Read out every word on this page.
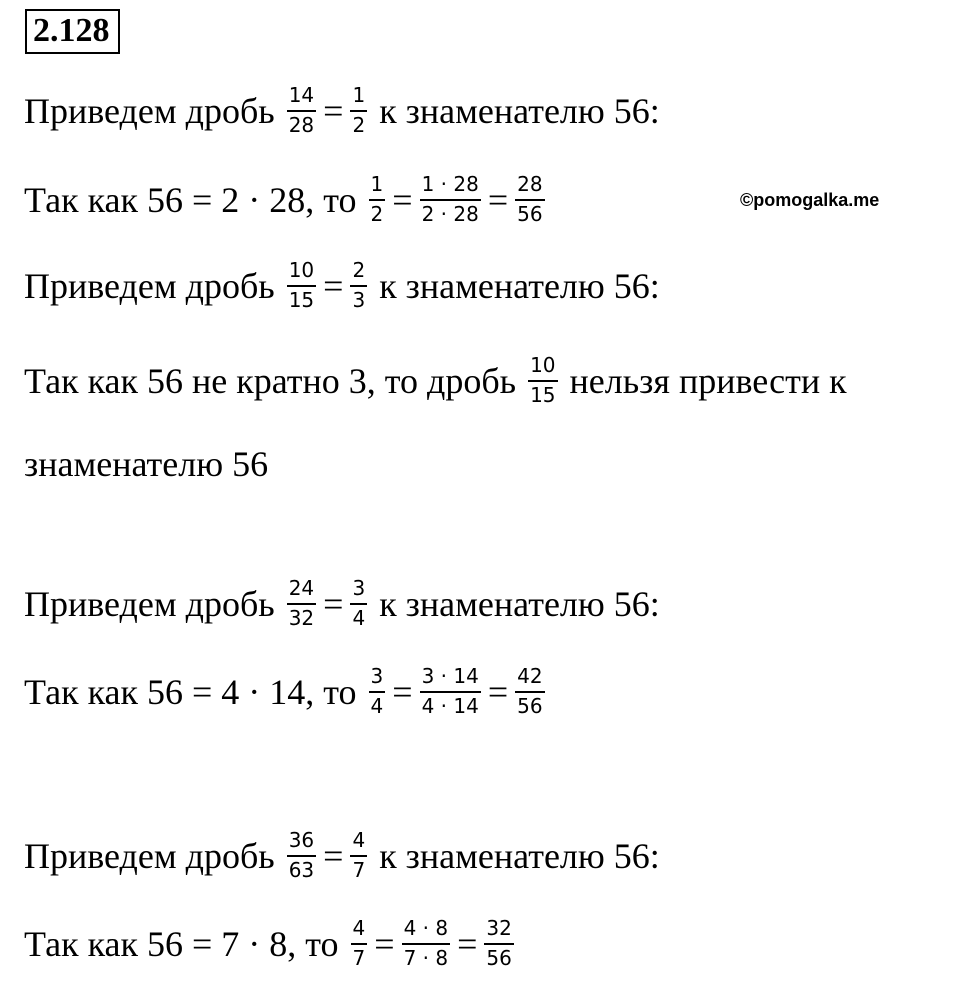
2.128
©pomogalka.me
Приведем дробь $\frac{14}{28} = \frac{1}{2}$ к знаменателю 56:
Так как 56 = 2 · 28, то $\frac{1}{2} = \frac{1 \cdot 28}{2 \cdot 28} = \frac{28}{56}$
Приведем дробь $\frac{10}{15} = \frac{2}{3}$ к знаменателю 56:
Так как 56 не кратно 3, то дробь $\frac{10}{15}$ нельзя привести к
знаменателю 56
Приведем дробь $\frac{24}{32} = \frac{3}{4}$ к знаменателю 56:
Так как 56 = 4 · 14, то $\frac{3}{4} = \frac{3 \cdot 14}{4 \cdot 14} = \frac{42}{56}$
Приведем дробь $\frac{36}{63} = \frac{4}{7}$ к знаменателю 56:
Так как 56 = 7 · 8, то $\frac{4}{7} = \frac{4 \cdot 8}{7 \cdot 8} = \frac{32}{56}$
